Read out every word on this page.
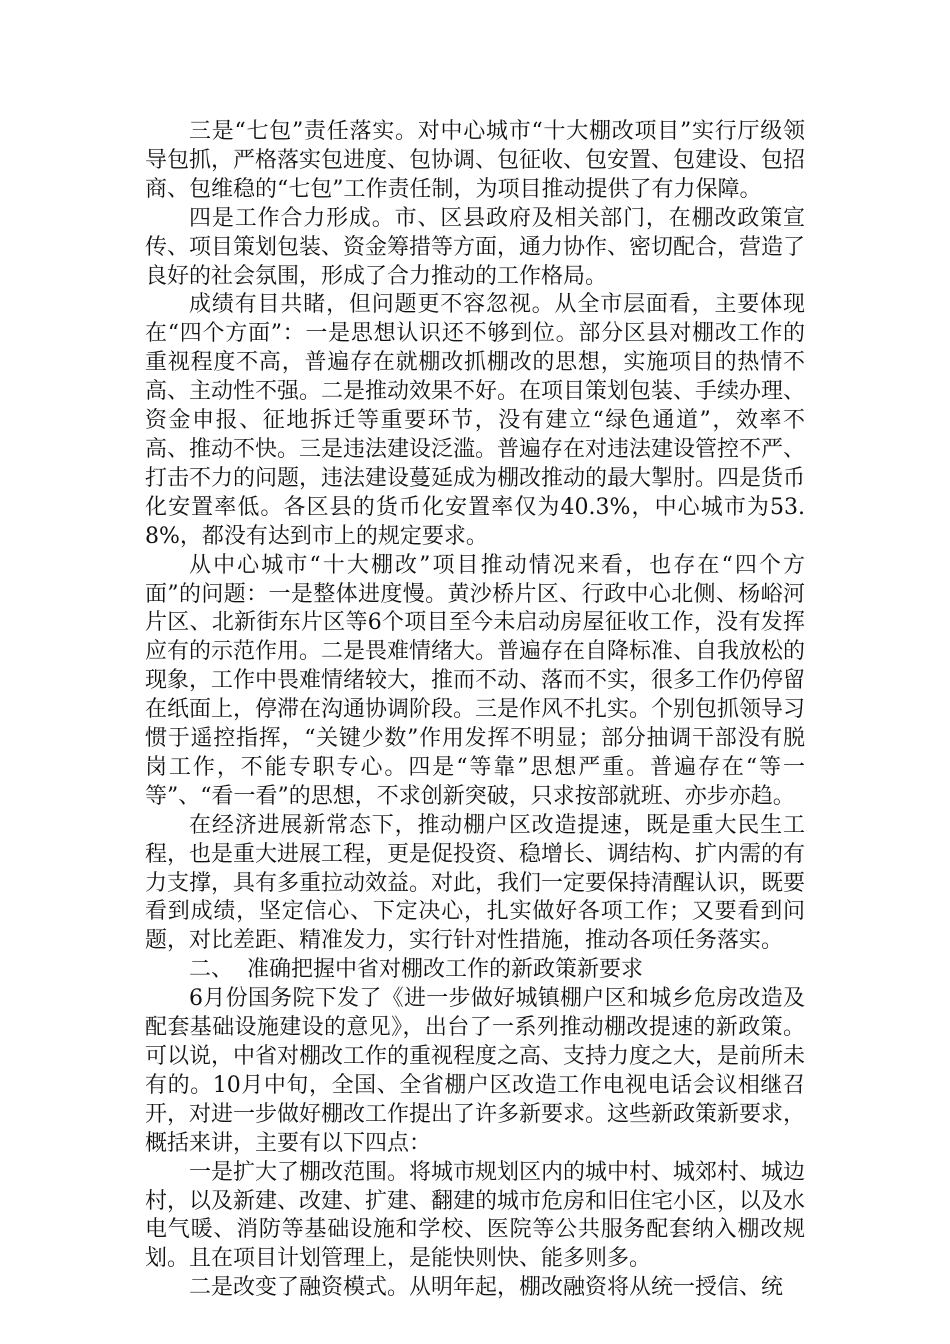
三是“七包”责任落实。对中心城市“十大棚改项目”实行厅级领导包抓，严格落实包进度、包协调、包征收、包安置、包建设、包招商、包维稳的“七包”工作责任制，为项目推动提供了有力保障。

四是工作合力形成。市、区县政府及相关部门，在棚改政策宣传、项目策划包装、资金筹措等方面，通力协作、密切配合，营造了良好的社会氛围，形成了合力推动的工作格局。

成绩有目共睹，但问题更不容忽视。从全市层面看，主要体现在“四个方面”：一是思想认识还不够到位。部分区县对棚改工作的重视程度不高，普遍存在就棚改抓棚改的思想，实施项目的热情不高、主动性不强。二是推动效果不好。在项目策划包装、手续办理、资金申报、征地拆迁等重要环节，没有建立“绿色通道”，效率不高、推动不快。三是违法建设泛滥。普遍存在对违法建设管控不严、打击不力的问题，违法建设蔓延成为棚改推动的最大掣肘。四是货币化安置率低。各区县的货币化安置率仅为40.3%，中心城市为53.8%，都没有达到市上的规定要求。

从中心城市“十大棚改”项目推动情况来看，也存在“四个方面”的问题：一是整体进度慢。黄沙桥片区、行政中心北侧、杨峪河片区、北新街东片区等6个项目至今未启动房屋征收工作，没有发挥应有的示范作用。二是畏难情绪大。普遍存在自降标准、自我放松的现象，工作中畏难情绪较大，推而不动、落而不实，很多工作仍停留在纸面上，停滞在沟通协调阶段。三是作风不扎实。个别包抓领导习惯于遥控指挥，“关键少数”作用发挥不明显；部分抽调干部没有脱岗工作，不能专职专心。四是“等靠”思想严重。普遍存在“等一等”、“看一看”的思想，不求创新突破，只求按部就班、亦步亦趋。

在经济进展新常态下，推动棚户区改造提速，既是重大民生工程，也是重大进展工程，更是促投资、稳增长、调结构、扩内需的有力支撑，具有多重拉动效益。对此，我们一定要保持清醒认识，既要看到成绩，坚定信心、下定决心，扎实做好各项工作；又要看到问题，对比差距、精准发力，实行针对性措施，推动各项任务落实。

二、  准确把握中省对棚改工作的新政策新要求

6月份国务院下发了《进一步做好城镇棚户区和城乡危房改造及配套基础设施建设的意见》，出台了一系列推动棚改提速的新政策。可以说，中省对棚改工作的重视程度之高、支持力度之大，是前所未有的。10月中旬，全国、全省棚户区改造工作电视电话会议相继召开，对进一步做好棚改工作提出了许多新要求。这些新政策新要求，概括来讲，主要有以下四点：

一是扩大了棚改范围。将城市规划区内的城中村、城郊村、城边村，以及新建、改建、扩建、翻建的城市危房和旧住宅小区，以及水电气暖、消防等基础设施和学校、医院等公共服务配套纳入棚改规划。且在项目计划管理上，是能快则快、能多则多。

二是改变了融资模式。从明年起，棚改融资将从统一授信、统
